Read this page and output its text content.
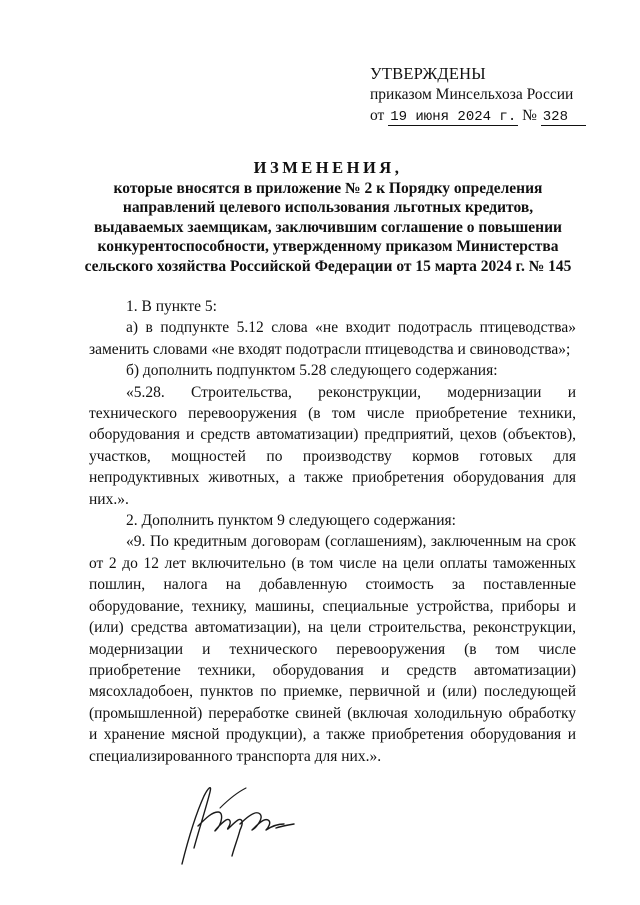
УТВЕРЖДЕНЫ
приказом Минсельхоза России
от 19 июня 2024 г. № 328
ИЗМЕНЕНИЯ,
которые вносятся в приложение № 2 к Порядку определения
направлений целевого использования льготных кредитов,
выдаваемых заемщикам, заключившим соглашение о повышении
конкурентоспособности, утвержденному приказом Министерства
сельского хозяйства Российской Федерации от 15 марта 2024 г. № 145

1. В пункте 5:

а) в подпункте 5.12 слова «не входит подотрасль птицеводства» заменить словами «не входят подотрасли птицеводства и свиноводства»;

б) дополнить подпунктом 5.28 следующего содержания:

«5.28. Строительства, реконструкции, модернизации и технического перевооружения (в том числе приобретение техники, оборудования и средств автоматизации) предприятий, цехов (объектов), участков, мощностей по производству кормов готовых для непродуктивных животных, а также приобретения оборудования для них.».

2. Дополнить пунктом 9 следующего содержания:

«9. По кредитным договорам (соглашениям), заключенным на срок от 2 до 12 лет включительно (в том числе на цели оплаты таможенных пошлин, налога на добавленную стоимость за поставленные оборудование, технику, машины, специальные устройства, приборы и (или) средства автоматизации), на цели строительства, реконструкции, модернизации и технического перевооружения (в том числе приобретение техники, оборудования и средств автоматизации) мясохладобоен, пунктов по приемке, первичной и (или) последующей (промышленной) переработке свиней (включая холодильную обработку и хранение мясной продукции), а также приобретения оборудования и специализированного транспорта для них.».
